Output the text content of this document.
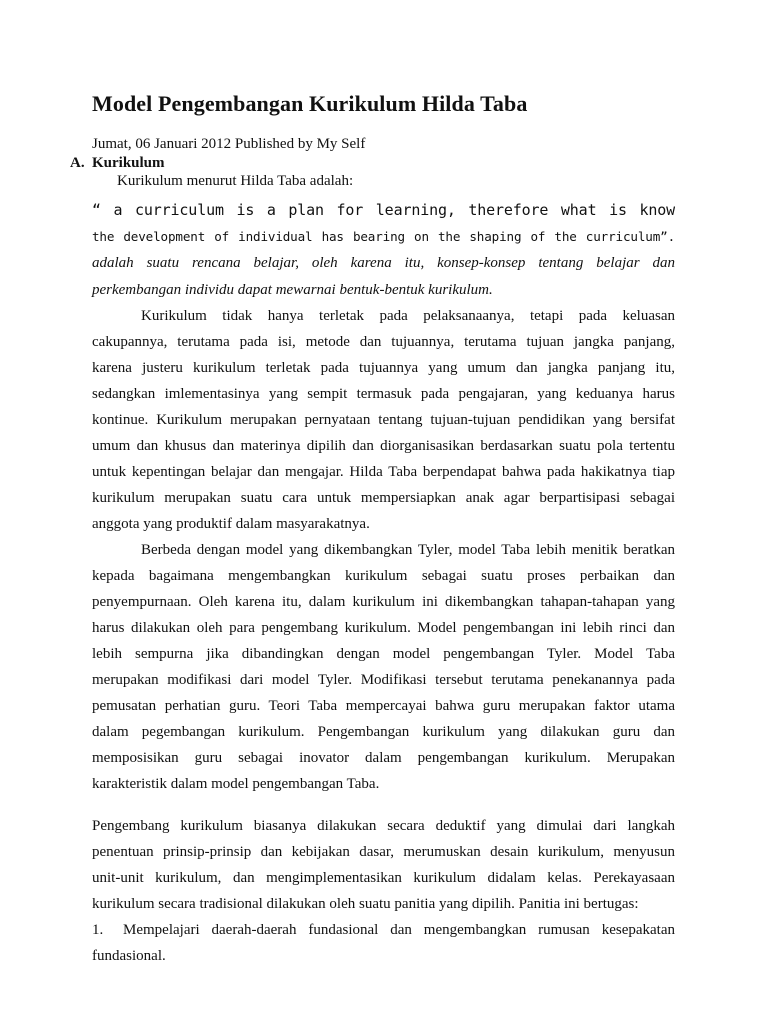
Model Pengembangan Kurikulum Hilda Taba
Jumat, 06 Januari 2012 Published by My Self
A. Kurikulum
Kurikulum menurut Hilda Taba adalah:
“ a curriculum is a plan for learning, therefore what is know
the development of individual has bearing on the shaping of the curriculum”.
adalah suatu rencana belajar, oleh karena itu, konsep-konsep tentang belajar dan
perkembangan individu dapat mewarnai bentuk-bentuk kurikulum.
Kurikulum tidak hanya terletak pada pelaksanaanya, tetapi pada keluasan
cakupannya, terutama pada isi, metode dan tujuannya, terutama tujuan jangka panjang,
karena justeru kurikulum terletak pada tujuannya yang umum dan jangka panjang itu,
sedangkan imlementasinya yang sempit termasuk pada pengajaran, yang keduanya harus
kontinue. Kurikulum merupakan pernyataan tentang tujuan-tujuan pendidikan yang bersifat
umum dan khusus dan materinya dipilih dan diorganisasikan berdasarkan suatu pola tertentu
untuk kepentingan belajar dan mengajar. Hilda Taba berpendapat bahwa pada hakikatnya tiap
kurikulum merupakan suatu cara untuk mempersiapkan anak agar berpartisipasi sebagai
anggota yang produktif dalam masyarakatnya.
Berbeda dengan model yang dikembangkan Tyler, model Taba lebih menitik beratkan
kepada bagaimana mengembangkan kurikulum sebagai suatu proses perbaikan dan
penyempurnaan. Oleh karena itu, dalam kurikulum ini dikembangkan tahapan-tahapan yang
harus dilakukan oleh para pengembang kurikulum. Model pengembangan ini lebih rinci dan
lebih sempurna jika dibandingkan dengan model pengembangan Tyler. Model Taba
merupakan modifikasi dari model Tyler. Modifikasi tersebut terutama penekanannya pada
pemusatan perhatian guru. Teori Taba mempercayai bahwa guru merupakan faktor utama
dalam pegembangan kurikulum. Pengembangan kurikulum yang dilakukan guru dan
memposisikan guru sebagai inovator dalam pengembangan kurikulum. Merupakan
karakteristik dalam model pengembangan Taba.
Pengembang kurikulum biasanya dilakukan secara deduktif yang dimulai dari langkah
penentuan prinsip-prinsip dan kebijakan dasar, merumuskan desain kurikulum, menyusun
unit-unit kurikulum, dan mengimplementasikan kurikulum didalam kelas. Perekayasaan
kurikulum secara tradisional dilakukan oleh suatu panitia yang dipilih. Panitia ini bertugas:
1.	Mempelajari daerah-daerah fundasional dan mengembangkan rumusan kesepakatan
fundasional.
